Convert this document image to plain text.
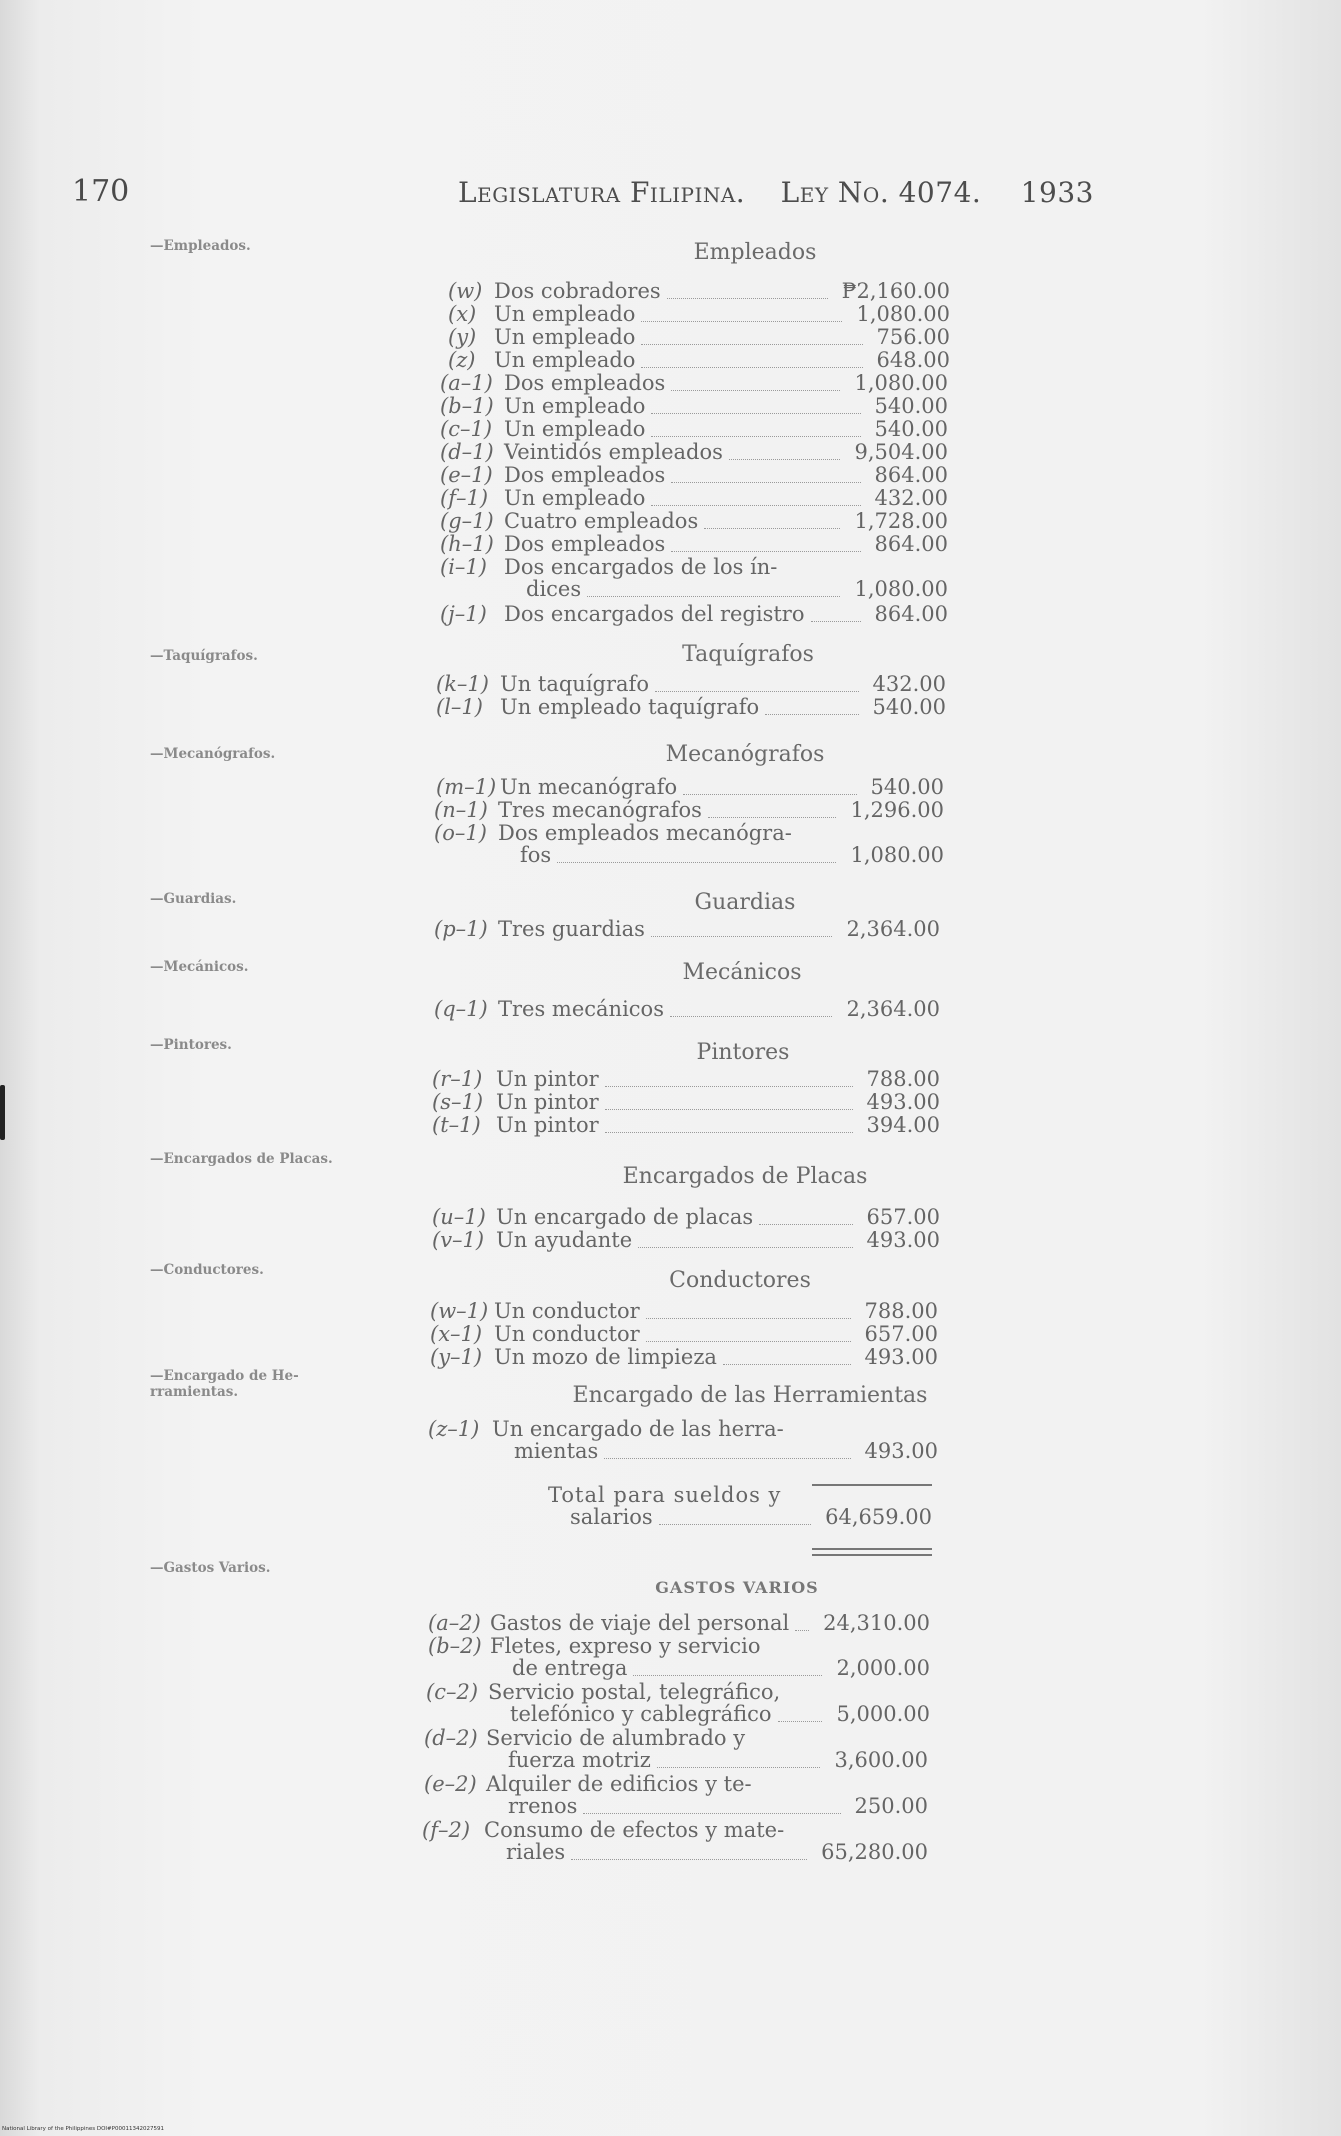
170	Legislatura Filipina. Ley No. 4074. 1933
—Empleados.
—Taquígrafos.
—Mecanógrafos.
—Guardias.
—Mecánicos.
—Pintores.
—Encargados de Placas.
—Conductores.
—Encargado de Herramientas.
—Gastos Varios.
Empleados
Taquígrafos
Mecanógrafos
Guardias
Mecánicos
Pintores
Encargados de Placas
Conductores
Encargado de las Herramientas
GASTOS VARIOS
(w) Dos cobradores	₱2,160.00
(x) Un empleado	1,080.00
(y) Un empleado	756.00
(z) Un empleado	648.00
(a–1) Dos empleados	1,080.00
(b–1) Un empleado	540.00
(c–1) Un empleado	540.00
(d–1) Veintidós empleados	9,504.00
(e–1) Dos empleados	864.00
(f–1) Un empleado	432.00
(g–1) Cuatro empleados	1,728.00
(h–1) Dos empleados	864.00
(i–1) Dos encargados de los ín-
dices	1,080.00
(j–1) Dos encargados del registro	864.00
(k–1) Un taquígrafo	432.00
(l–1) Un empleado taquígrafo	540.00
(m–1) Un mecanógrafo	540.00
(n–1) Tres mecanógrafos	1,296.00
(o–1) Dos empleados mecanógra-
fos	1,080.00
(p–1) Tres guardias	2,364.00
(q–1) Tres mecánicos	2,364.00
(r–1) Un pintor	788.00
(s–1) Un pintor	493.00
(t–1) Un pintor	394.00
(u–1) Un encargado de placas	657.00
(v–1) Un ayudante	493.00
(w–1) Un conductor	788.00
(x–1) Un conductor	657.00
(y–1) Un mozo de limpieza	493.00
(z–1) Un encargado de las herra-
mientas	493.00
Total para sueldos y
salarios	64,659.00
(a–2) Gastos de viaje del personal 24,310.00
(b–2) Fletes, expreso y servicio
de entrega	2,000.00
(c–2) Servicio postal, telegráfico,
telefónico y cablegráfico	5,000.00
(d–2) Servicio de alumbrado y
fuerza motriz	3,600.00
(e–2) Alquiler de edificios y te-
rrenos	250.00
(f–2) Consumo de efectos y mate-
riales	65,280.00
National Library of the Philippines DOI#P00011342027591
